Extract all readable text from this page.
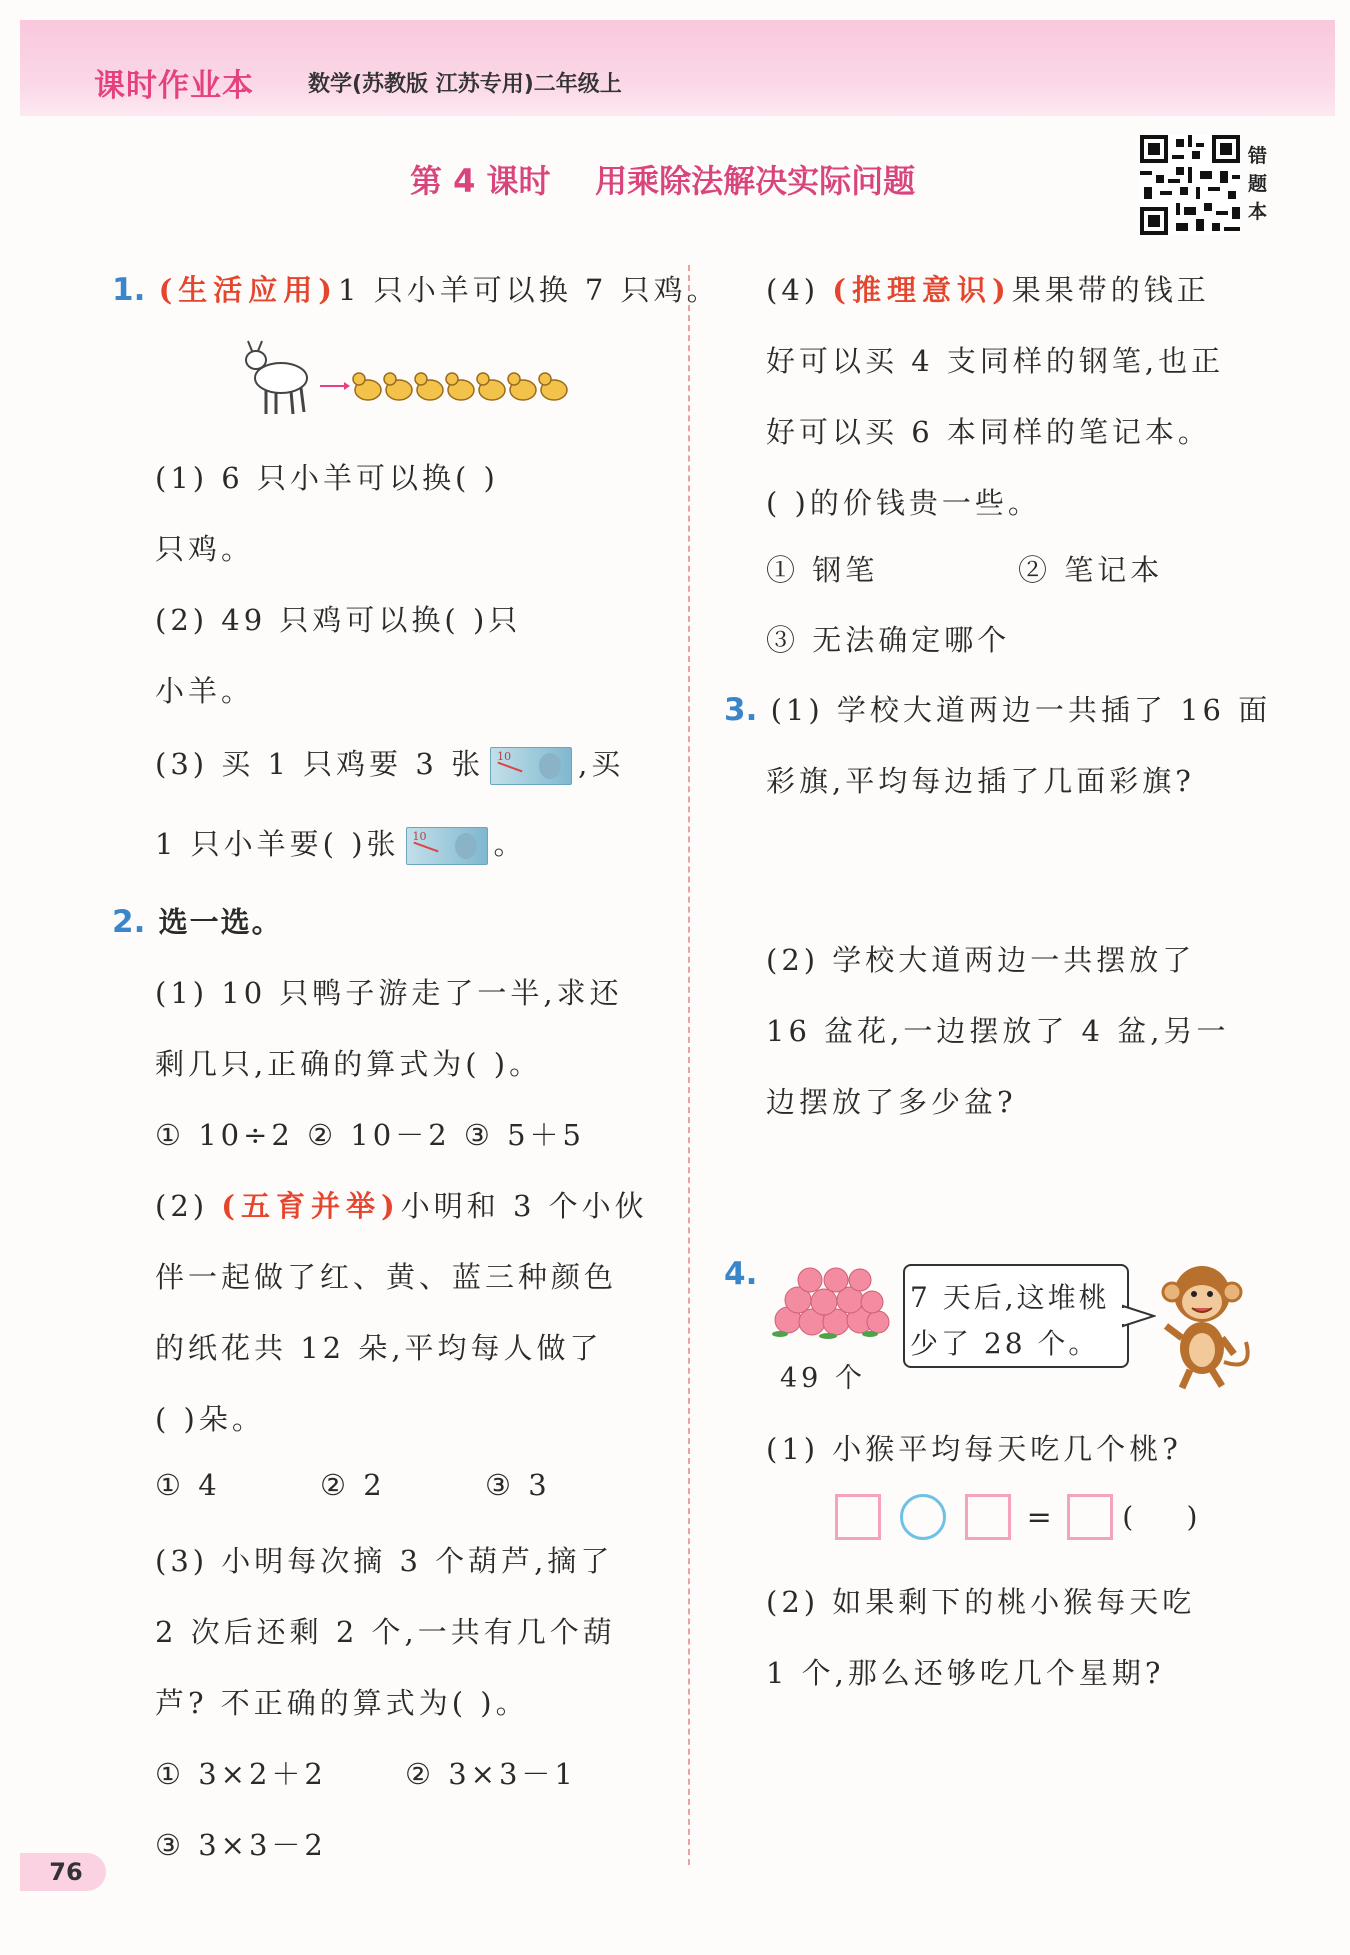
课时作业本 数学(苏教版 江苏专用)二年级上
第 4 课时    用乘除法解决实际问题
错题本
1. (生活应用)1 只小羊可以换 7 只鸡。
(1) 6 只小羊可以换( )
只鸡。
(2) 49 只鸡可以换( )只
小羊。
(3) 买 1 只鸡要 3 张 10 ,买
1 只小羊要( )张 10 。
2. 选一选。
(1) 10 只鸭子游走了一半,求还
剩几只,正确的算式为( )。
① 10÷2 ② 10－2 ③ 5＋5
(2) (五育并举)小明和 3 个小伙
伴一起做了红、黄、蓝三种颜色
的纸花共 12 朵,平均每人做了
( )朵。
① 4	② 2	③ 3
(3) 小明每次摘 3 个葫芦,摘了
2 次后还剩 2 个,一共有几个葫
芦? 不正确的算式为( )。
① 3×2＋2	② 3×3－1
③ 3×3－2
(4) (推理意识)果果带的钱正
好可以买 4 支同样的钢笔,也正
好可以买 6 本同样的笔记本。
( )的价钱贵一些。
① 钢笔	② 笔记本
③ 无法确定哪个
3. (1) 学校大道两边一共插了 16 面
彩旗,平均每边插了几面彩旗?
(2) 学校大道两边一共摆放了
16 盆花,一边摆放了 4 盆,另一
边摆放了多少盆?
4.
49 个
7 天后,这堆桃
少了 28 个。
(1) 小猴平均每天吃几个桃?
=	(      )
(2) 如果剩下的桃小猴每天吃
1 个,那么还够吃几个星期?
76
